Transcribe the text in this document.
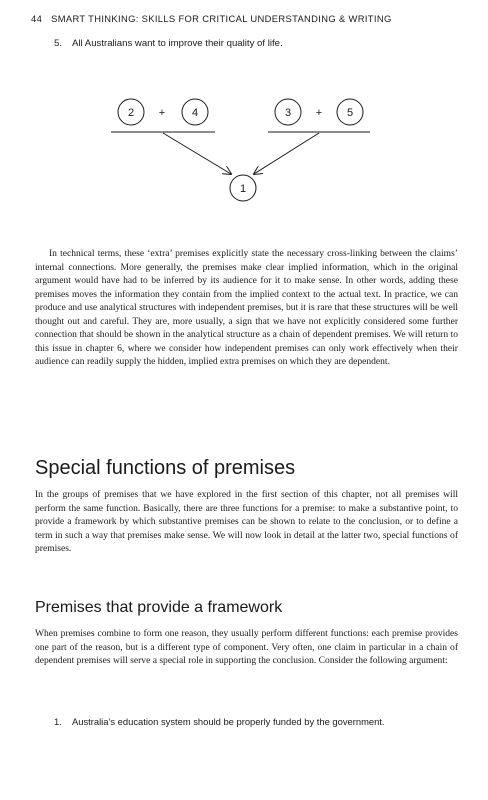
44 SMART THINKING: SKILLS FOR CRITICAL UNDERSTANDING & WRITING
5. All Australians want to improve their quality of life.
2 + 4	3 + 5
1

In technical terms, these ‘extra’ premises explicitly state the necessary cross-linking between the claims’ internal connections. More generally, the premises make clear implied information, which in the original argument would have had to be inferred by its audience for it to make sense. In other words, adding these premises moves the information they contain from the implied context to the actual text. In practice, we can produce and use analytical structures with independent premises, but it is rare that these structures will be well thought out and careful. They are, more usually, a sign that we have not explicitly considered some further connection that should be shown in the analytical structure as a chain of dependent premises. We will return to this issue in chapter 6, where we consider how independent premises can only work effectively when their audience can readily supply the hidden, implied extra premises on which they are dependent.

Special functions of premises

In the groups of premises that we have explored in the first section of this chapter, not all premises will perform the same function. Basically, there are three functions for a premise: to make a substantive point, to provide a framework by which substantive premises can be shown to relate to the conclusion, or to define a term in such a way that premises make sense. We will now look in detail at the latter two, special functions of premises.

Premises that provide a framework

When premises combine to form one reason, they usually perform different functions: each premise provides one part of the reason, but is a different type of component. Very often, one claim in particular in a chain of dependent premises will serve a special role in supporting the conclusion. Consider the following argument:

1.	Australia’s education system should be properly funded by the government.
